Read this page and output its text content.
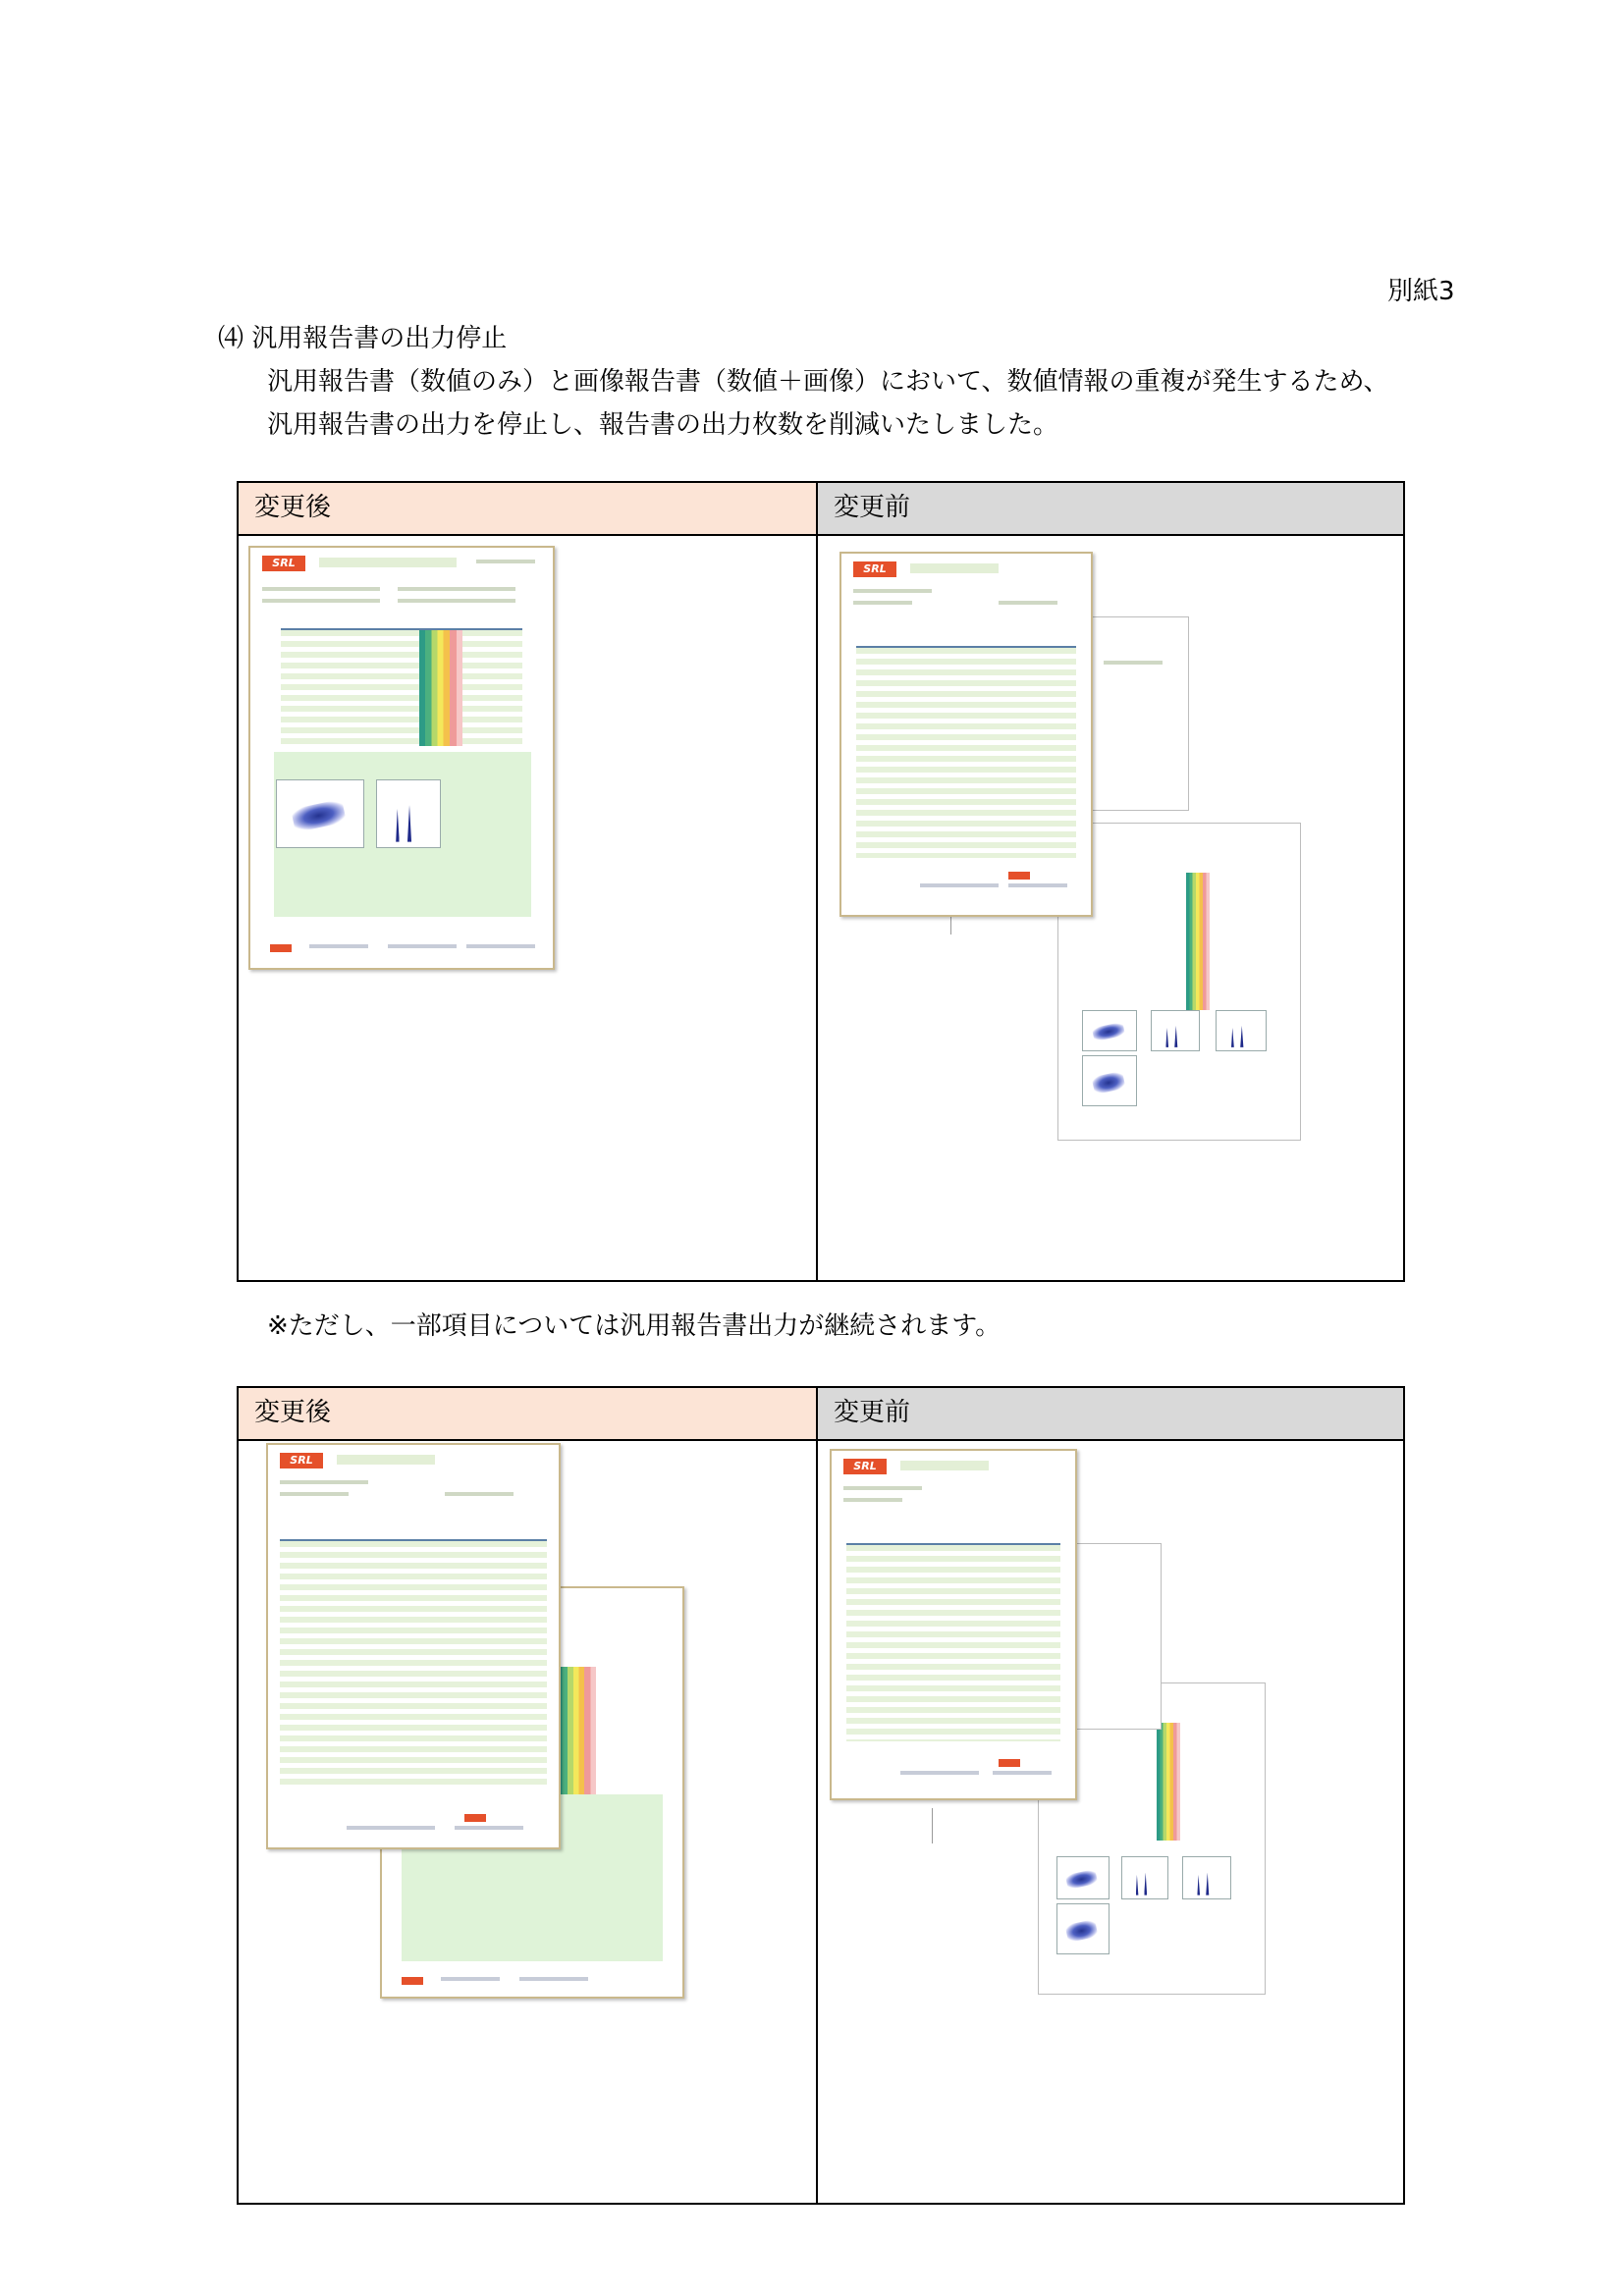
別紙3
⑷ 汎用報告書の出力停止
汎用報告書（数値のみ）と画像報告書（数値＋画像）において、数値情報の重複が発生するため、
汎用報告書の出力を停止し、報告書の出力枚数を削減いたしました。
変更後	変更前

SRL	SRL
※ただし、一部項目については汎用報告書出力が継続されます。
変更後	変更前

SRL	SRL
